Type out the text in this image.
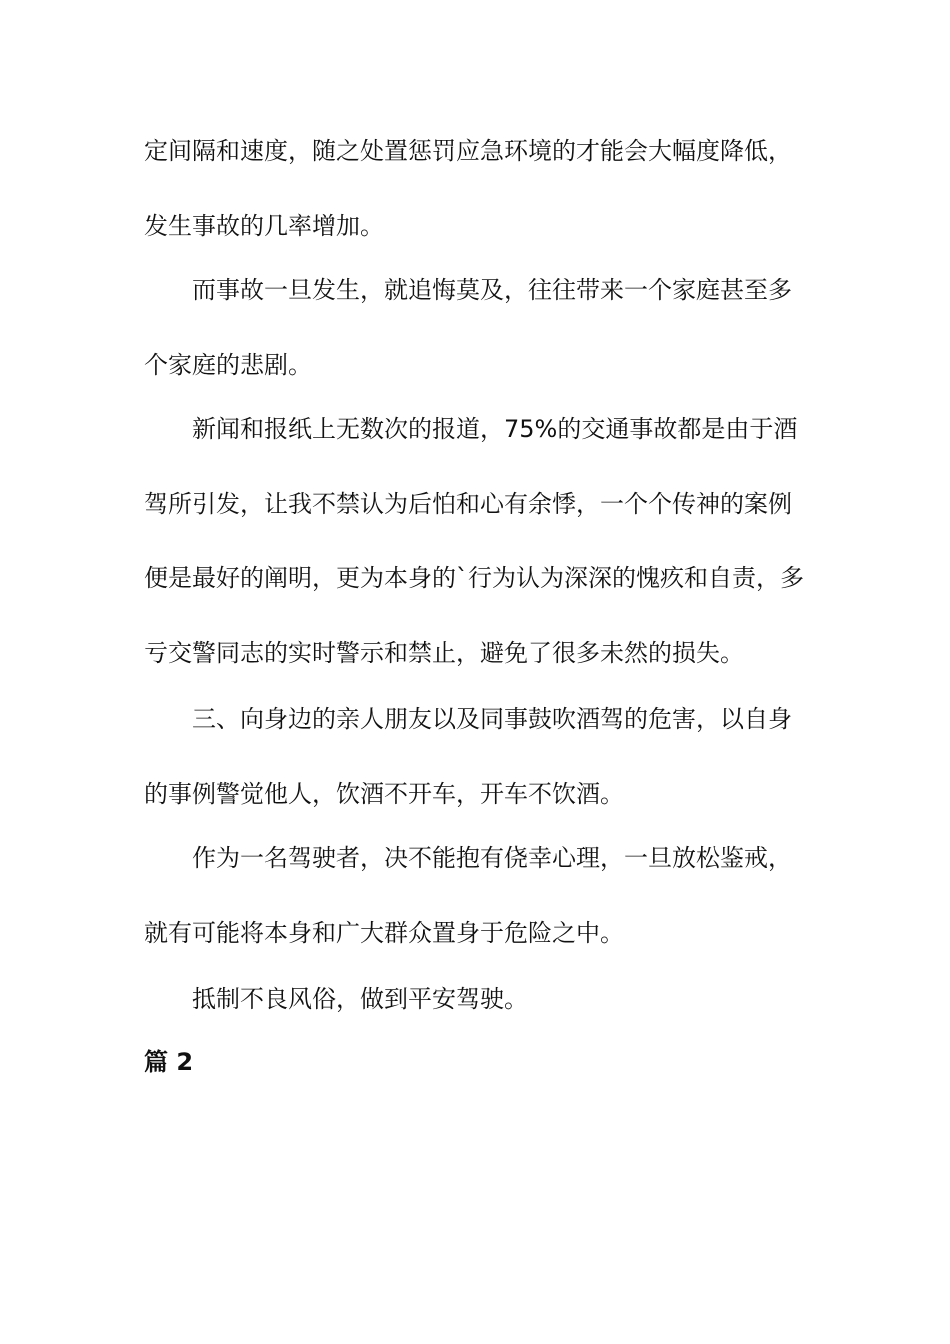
定间隔和速度，随之处置惩罚应急环境的才能会大幅度降低，
发生事故的几率增加。
而事故一旦发生，就追悔莫及，往往带来一个家庭甚至多
个家庭的悲剧。
新闻和报纸上无数次的报道，75%的交通事故都是由于酒
驾所引发，让我不禁认为后怕和心有余悸，一个个传神的案例
便是最好的阐明，更为本身的`行为认为深深的愧疚和自责，多
亏交警同志的实时警示和禁止，避免了很多未然的损失。
三、向身边的亲人朋友以及同事鼓吹酒驾的危害，以自身
的事例警觉他人，饮酒不开车，开车不饮酒。
作为一名驾驶者，决不能抱有侥幸心理，一旦放松鉴戒，
就有可能将本身和广大群众置身于危险之中。
抵制不良风俗，做到平安驾驶。
篇 2
